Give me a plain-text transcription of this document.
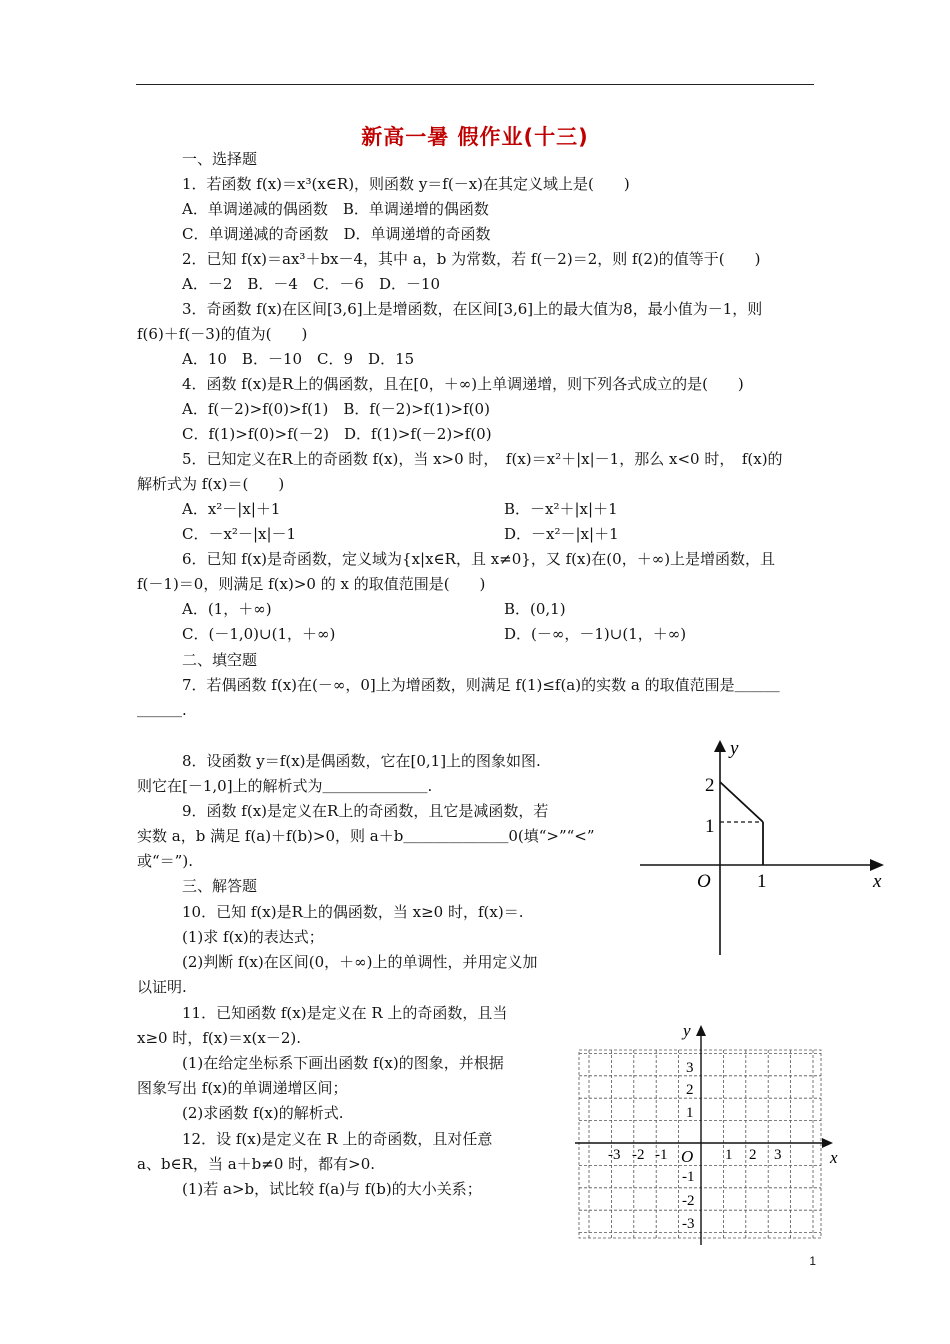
新高一暑 假作业(十三)
一、选择题
1．若函数 f(x)＝x³(x∈R)，则函数 y＝f(－x)在其定义域上是(　　)
A．单调递减的偶函数　B．单调递增的偶函数
C．单调递减的奇函数　D．单调递增的奇函数
2．已知 f(x)＝ax³＋bx－4，其中 a，b 为常数，若 f(－2)＝2，则 f(2)的值等于(　　)
A．－2　B．－4　C．－6　D．－10
3．奇函数 f(x)在区间[3,6]上是增函数，在区间[3,6]上的最大值为8，最小值为－1，则
f(6)＋f(－3)的值为(　　)
A．10　B．－10　C．9　D．15
4．函数 f(x)是R上的偶函数，且在[0，＋∞)上单调递增，则下列各式成立的是(　　)
A．f(－2)>f(0)>f(1)　B．f(－2)>f(1)>f(0)
C．f(1)>f(0)>f(－2)　D．f(1)>f(－2)>f(0)
5．已知定义在R上的奇函数 f(x)，当 x>0 时，　f(x)＝x²＋|x|－1，那么 x<0 时，　f(x)的
解析式为 f(x)＝(　　)
A．x²－|x|＋1	B．－x²＋|x|＋1
C．－x²－|x|－1	D．－x²－|x|＋1
6．已知 f(x)是奇函数，定义域为{x|x∈R，且 x≠0}，又 f(x)在(0，＋∞)上是增函数，且
f(－1)＝0，则满足 f(x)>0 的 x 的取值范围是(　　)
A．(1，＋∞)	B．(0,1)
C．(－1,0)∪(1，＋∞)	D．(－∞，－1)∪(1，＋∞)
二、填空题
7．若偶函数 f(x)在(－∞，0]上为增函数，则满足 f(1)≤f(a)的实数 a 的取值范围是＿＿＿
＿＿＿.
8．设函数 y＝f(x)是偶函数，它在[0,1]上的图象如图.
则它在[－1,0]上的解析式为＿＿＿＿＿＿＿.
9．函数 f(x)是定义在R上的奇函数，且它是减函数，若
实数 a，b 满足 f(a)＋f(b)>0，则 a＋b＿＿＿＿＿＿＿0(填“>”“<”
或“＝”).
三、解答题
10．已知 f(x)是R上的偶函数，当 x≥0 时，f(x)＝.
(1)求 f(x)的表达式；
(2)判断 f(x)在区间(0，＋∞)上的单调性，并用定义加
以证明.
11．已知函数 f(x)是定义在 R 上的奇函数，且当
x≥0 时，f(x)＝x(x－2).
(1)在给定坐标系下画出函数 f(x)的图象，并根据
图象写出 f(x)的单调递增区间；
(2)求函数 f(x)的解析式.
12．设 f(x)是定义在 R 上的奇函数，且对任意
a、b∈R，当 a＋b≠0 时，都有>0.
(1)若 a>b，试比较 f(a)与 f(b)的大小关系；
y
x
O
2
1
1
y
x
O
-3 -2 -1	1 2 3
3
2
1
-1
-2
-3
1
